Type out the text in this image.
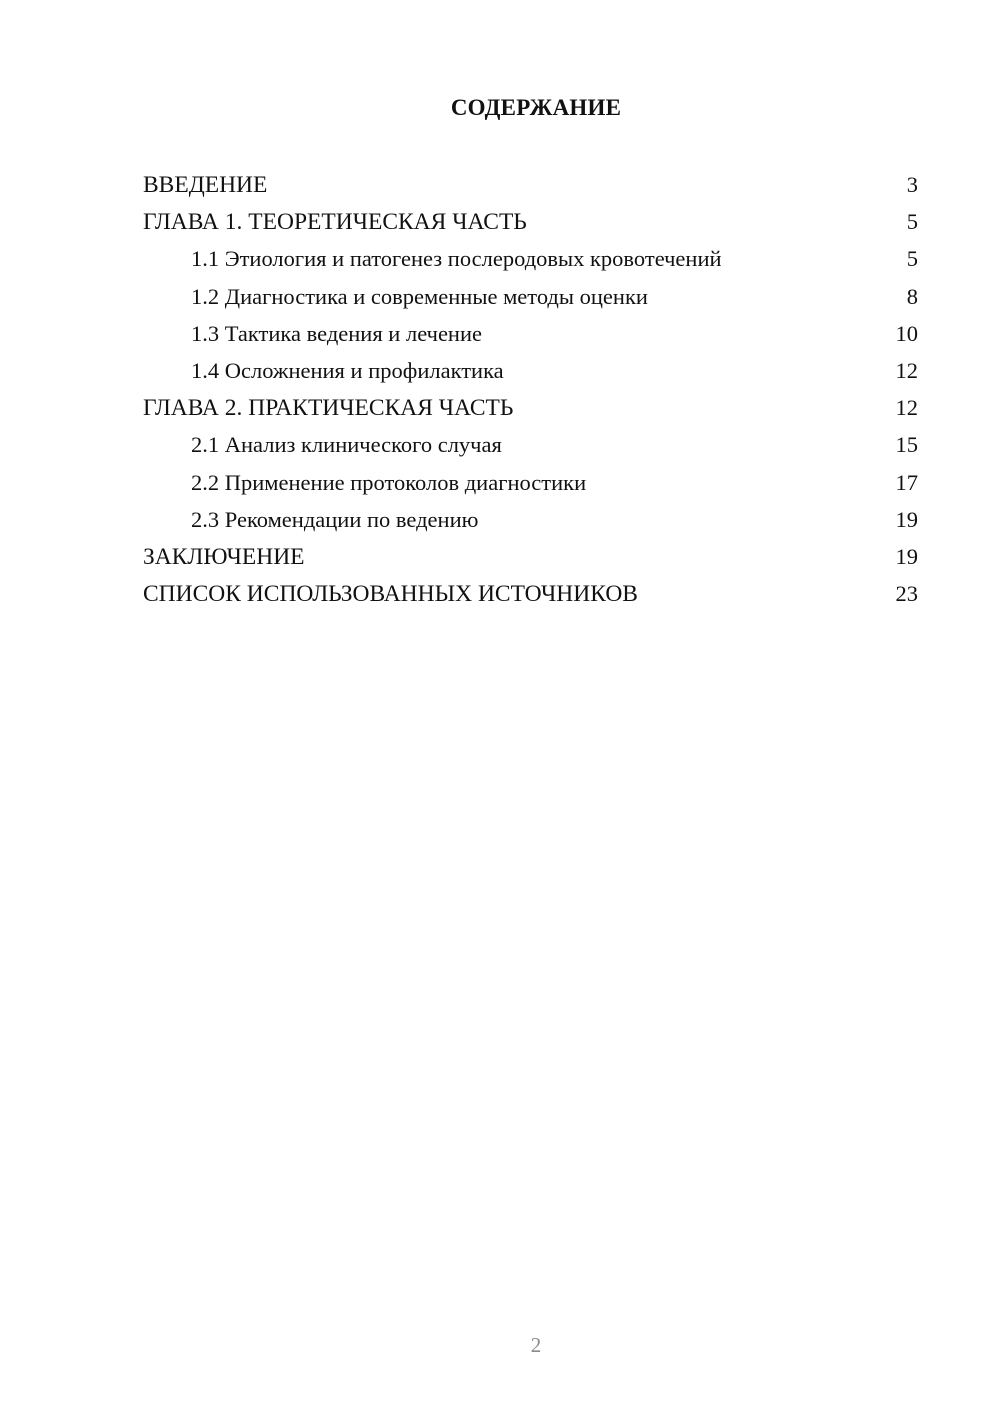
СОДЕРЖАНИЕ
ВВЕДЕНИЕ	3
ГЛАВА 1. ТЕОРЕТИЧЕСКАЯ ЧАСТЬ	5
1.1 Этиология и патогенез послеродовых кровотечений	5
1.2 Диагностика и современные методы оценки	8
1.3 Тактика ведения и лечение	10
1.4 Осложнения и профилактика	12
ГЛАВА 2. ПРАКТИЧЕСКАЯ ЧАСТЬ	12
2.1 Анализ клинического случая	15
2.2 Применение протоколов диагностики	17
2.3 Рекомендации по ведению	19
ЗАКЛЮЧЕНИЕ	19
СПИСОК ИСПОЛЬЗОВАННЫХ ИСТОЧНИКОВ	23
2
